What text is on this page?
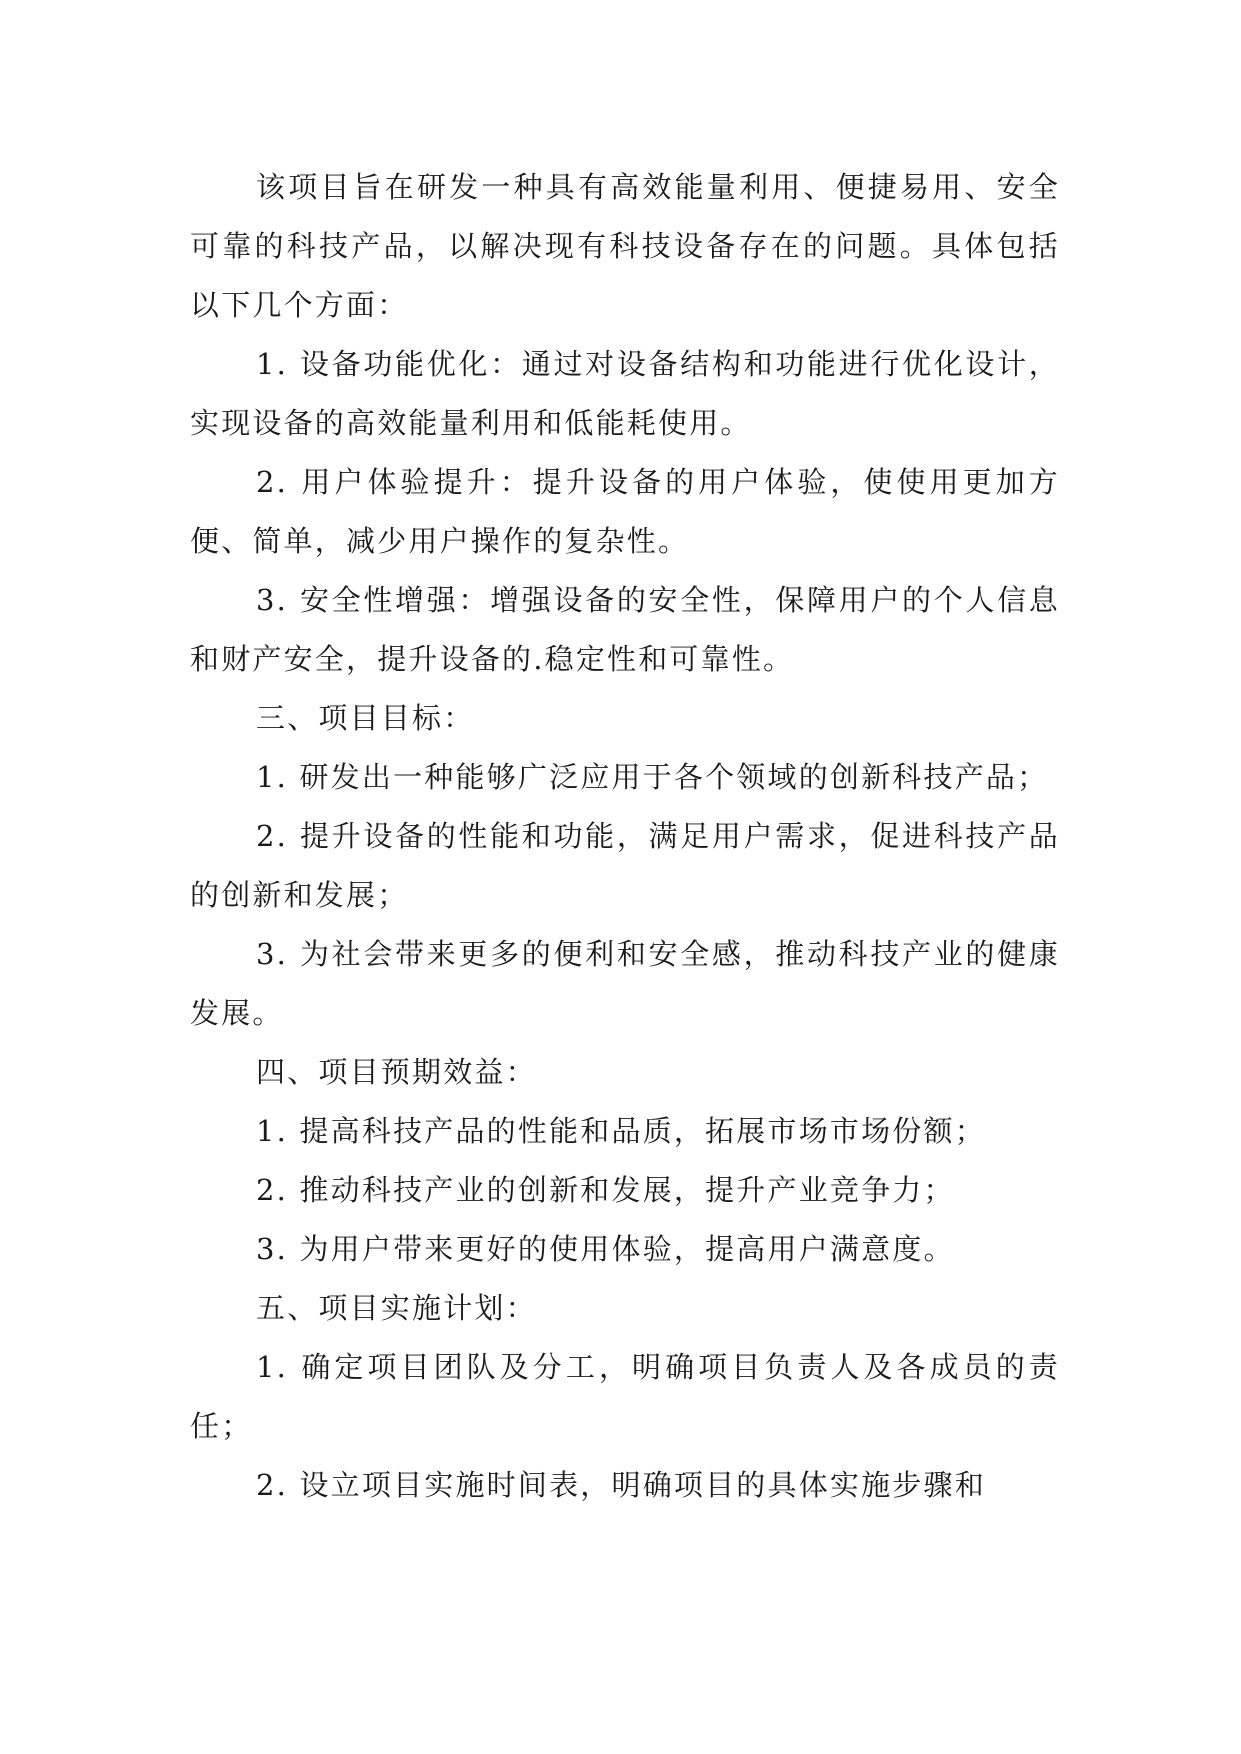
该项目旨在研发一种具有高效能量利用、便捷易用、安全可靠的科技产品，以解决现有科技设备存在的问题。具体包括以下几个方面：

1. 设备功能优化：通过对设备结构和功能进行优化设计，实现设备的高效能量利用和低能耗使用。

2. 用户体验提升：提升设备的用户体验，使使用更加方便、简单，减少用户操作的复杂性。

3. 安全性增强：增强设备的安全性，保障用户的个人信息和财产安全，提升设备的.稳定性和可靠性。

三、项目目标：

1. 研发出一种能够广泛应用于各个领域的创新科技产品；

2. 提升设备的性能和功能，满足用户需求，促进科技产品的创新和发展；

3. 为社会带来更多的便利和安全感，推动科技产业的健康发展。

四、项目预期效益：

1. 提高科技产品的性能和品质，拓展市场市场份额；

2. 推动科技产业的创新和发展，提升产业竞争力；

3. 为用户带来更好的使用体验，提高用户满意度。

五、项目实施计划：

1. 确定项目团队及分工，明确项目负责人及各成员的责任；

2. 设立项目实施时间表，明确项目的具体实施步骤和
